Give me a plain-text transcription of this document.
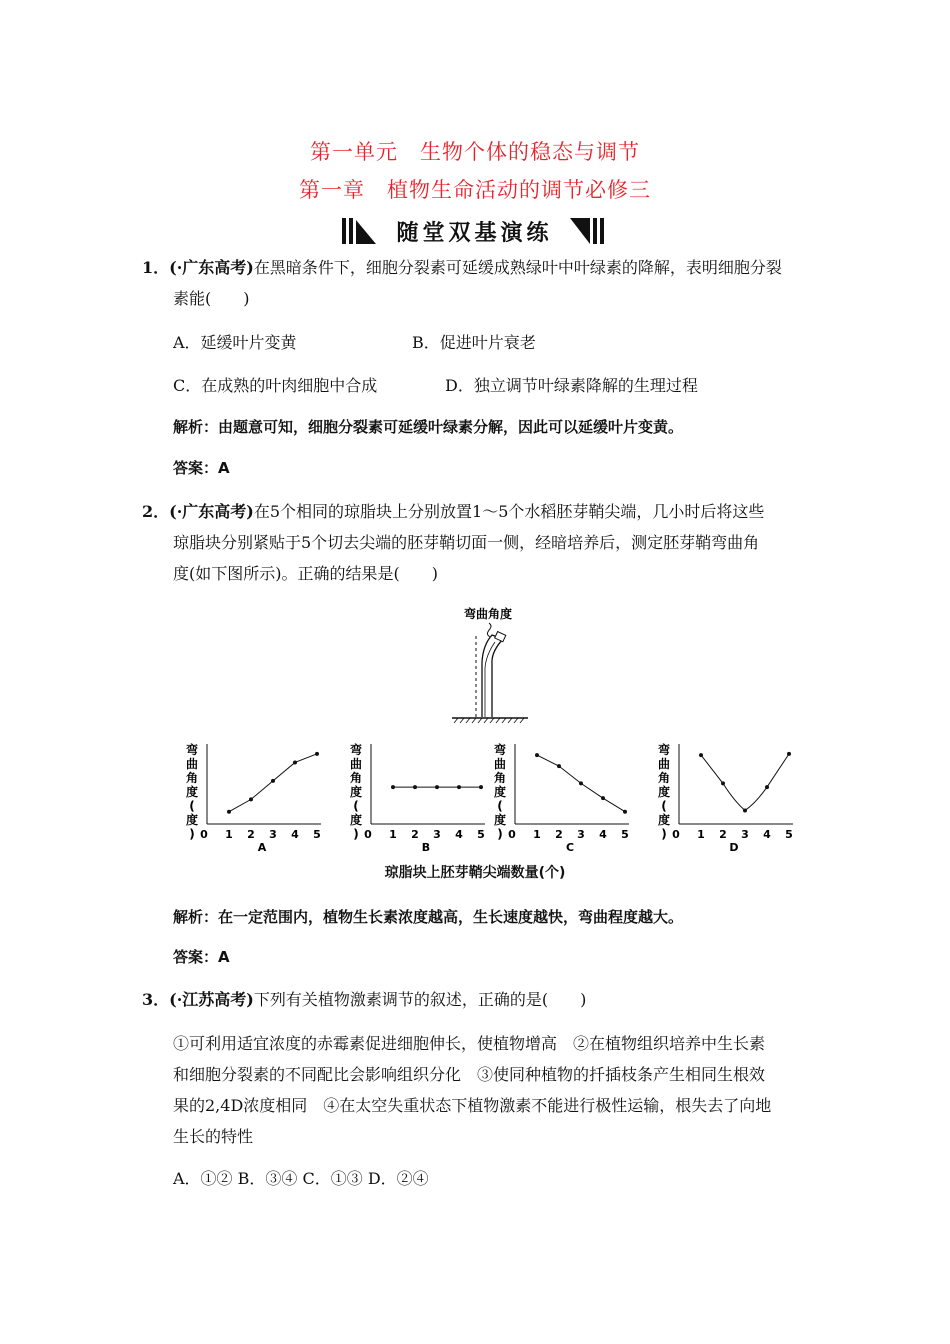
第一单元　生物个体的稳态与调节
第一章　植物生命活动的调节必修三
随堂双基演练
1．(·广东高考)在黑暗条件下，细胞分裂素可延缓成熟绿叶中叶绿素的降解，表明细胞分裂
素能(　　)
A．延缓叶片变黄	B．促进叶片衰老
C．在成熟的叶肉细胞中合成	D．独立调节叶绿素降解的生理过程
解析：由题意可知，细胞分裂素可延缓叶绿素分解，因此可以延缓叶片变黄。
答案：A
2．(·广东高考)在5个相同的琼脂块上分别放置1～5个水稻胚芽鞘尖端，几小时后将这些
琼脂块分别紧贴于5个切去尖端的胚芽鞘切面一侧，经暗培养后，测定胚芽鞘弯曲角
度(如下图所示)。正确的结果是(　　)
弯曲角度
弯
曲
角
度
(
度
) 0 1 2 3 4 5
A
弯
曲
角
度
(
度
) 0 1 2 3 4 5
B
弯
曲
角
度
(
度
) 0 1 2 3 4 5
C
弯
曲
角
度
(
度
) 0 1 2 3 4 5
D
琼脂块上胚芽鞘尖端数量(个)
解析：在一定范围内，植物生长素浓度越高，生长速度越快，弯曲程度越大。
答案：A
3．(·江苏高考)下列有关植物激素调节的叙述，正确的是(　　)
①可利用适宜浓度的赤霉素促进细胞伸长，使植物增高　②在植物组织培养中生长素
和细胞分裂素的不同配比会影响组织分化　③使同种植物的扦插枝条产生相同生根效
果的2,4D浓度相同　④在太空失重状态下植物激素不能进行极性运输，根失去了向地
生长的特性
A．①② B．③④ C．①③ D．②④
